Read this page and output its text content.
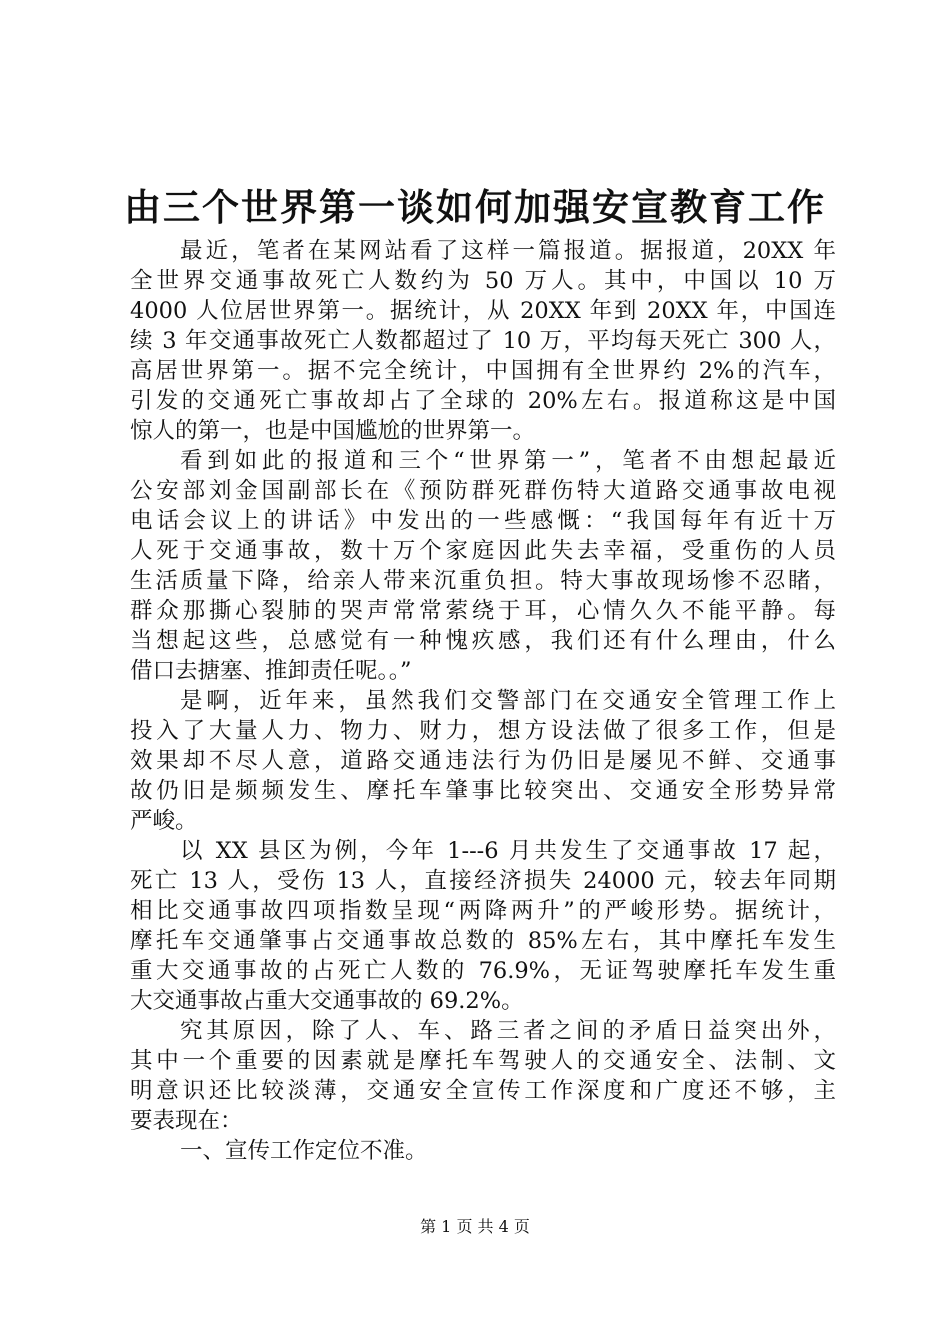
由三个世界第一谈如何加强安宣教育工作
最近，笔者在某网站看了这样一篇报道。据报道，20XX 年
全世界交通事故死亡人数约为 50 万人。其中，中国以 10 万
4000 人位居世界第一。据统计，从 20XX 年到 20XX 年，中国连
续 3 年交通事故死亡人数都超过了 10 万，平均每天死亡 300 人，
高居世界第一。据不完全统计，中国拥有全世界约 2%的汽车，
引发的交通死亡事故却占了全球的 20%左右。报道称这是中国
惊人的第一，也是中国尴尬的世界第一。
看到如此的报道和三个“世界第一”，笔者不由想起最近
公安部刘金国副部长在《预防群死群伤特大道路交通事故电视
电话会议上的讲话》中发出的一些感慨：“我国每年有近十万
人死于交通事故，数十万个家庭因此失去幸福，受重伤的人员
生活质量下降，给亲人带来沉重负担。特大事故现场惨不忍睹，
群众那撕心裂肺的哭声常常萦绕于耳，心情久久不能平静。每
当想起这些，总感觉有一种愧疚感，我们还有什么理由，什么
借口去搪塞、推卸责任呢。。”
是啊，近年来，虽然我们交警部门在交通安全管理工作上
投入了大量人力、物力、财力，想方设法做了很多工作，但是
效果却不尽人意，道路交通违法行为仍旧是屡见不鲜、交通事
故仍旧是频频发生、摩托车肇事比较突出、交通安全形势异常
严峻。
以 XX 县区为例，今年 1---6 月共发生了交通事故 17 起，
死亡 13 人，受伤 13 人，直接经济损失 24000 元，较去年同期
相比交通事故四项指数呈现“两降两升”的严峻形势。据统计，
摩托车交通肇事占交通事故总数的 85%左右，其中摩托车发生
重大交通事故的占死亡人数的 76.9%，无证驾驶摩托车发生重
大交通事故占重大交通事故的 69.2%。
究其原因，除了人、车、路三者之间的矛盾日益突出外，
其中一个重要的因素就是摩托车驾驶人的交通安全、法制、文
明意识还比较淡薄，交通安全宣传工作深度和广度还不够，主
要表现在：
一、宣传工作定位不准。
第 1 页 共 4 页
